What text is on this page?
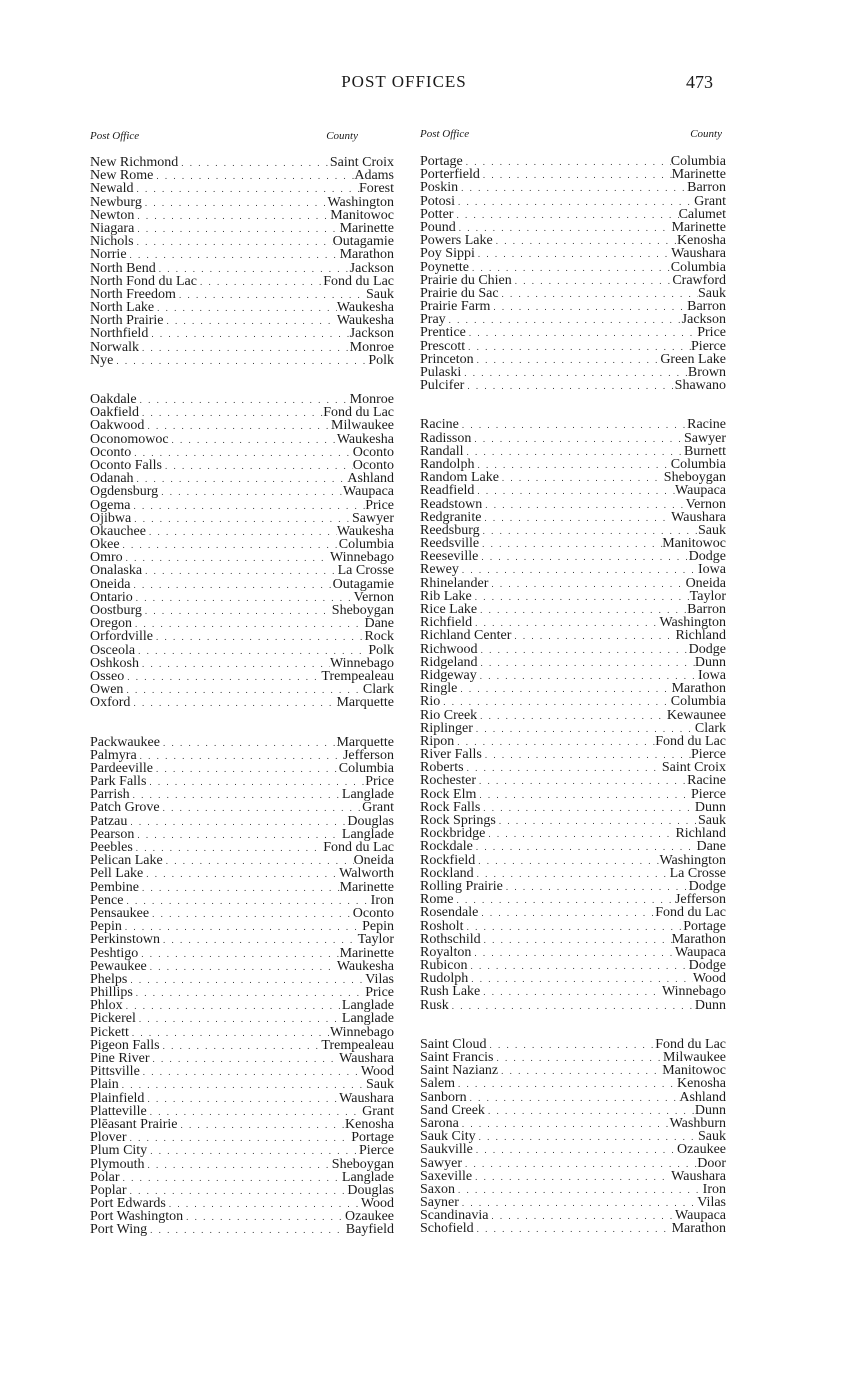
POST OFFICES	473
Post Office	County	Post Office	County
New Richmond . . .	Saint Croix
New Rome . . .	Adams
Newald . . .	Forest
Newburg . . .	Washington
Newton . . .	Manitowoc
Niagara . . .	Marinette
Nichols . . .	Outagamie
Norrie . . .	Marathon
North Bend . . .	Jackson
North Fond du Lac . . .	Fond du Lac
North Freedom . . .	Sauk
North Lake . . .	Waukesha
North Prairie . . .	Waukesha
Northfield . . .	Jackson
Norwalk . . .	Monroe
Nye . . .	Polk
Oakdale . . .	Monroe
Oakfield . . .	Fond du Lac
Oakwood . . .	Milwaukee
Oconomowoc . . .	Waukesha
Oconto . . .	Oconto
Oconto Falls . . .	Oconto
Odanah . . .	Ashland
Ogdensburg . . .	Waupaca
Ogema . . .	Price
Ojibwa . . .	Sawyer
Okauchee . . .	Waukesha
Okee . . .	Columbia
Omro . . .	Winnebago
Onalaska . . .	La Crosse
Oneida . . .	Outagamie
Ontario . . .	Vernon
Oostburg . . .	Sheboygan
Oregon . . .	Dane
Orfordville . . .	Rock
Osceola . . .	Polk
Oshkosh . . .	Winnebago
Osseo . . .	Trempealeau
Owen . . .	Clark
Oxford . . .	Marquette
Packwaukee . . .	Marquette
Palmyra . . .	Jefferson
Pardeeville . . .	Columbia
Park Falls . . .	Price
Parrish . . .	Langlade
Patch Grove . . .	Grant
Patzau . . .	Douglas
Pearson . . .	Langlade
Peebles . . .	Fond du Lac
Pelican Lake . . .	Oneida
Pell Lake . . .	Walworth
Pembine . . .	Marinette
Pence . . .	Iron
Pensaukee . . .	Oconto
Pepin . . .	Pepin
Perkinstown . . .	Taylor
Peshtigo . . .	Marinette
Pewaukee . . .	Waukesha
Phelps . . .	Vilas
Phillips . . .	Price
Phlox . . .	Langlade
Pickerel . . .	Langlade
Pickett . . .	Winnebago
Pigeon Falls . . .	Trempealeau
Pine River . . .	Waushara
Pittsville . . .	Wood
Plain . . .	Sauk
Plainfield . . .	Waushara
Platteville . . .	Grant
Plēasant Prairie . . .	Kenosha
Plover . . .	Portage
Plum City . . .	Pierce
Plymouth . . .	Sheboygan
Polar . . .	Langlade
Poplar . . .	Douglas
Port Edwards . . .	Wood
Port Washington . . .	Ozaukee
Port Wing . . .	Bayfield
Portage . . .	Columbia
Porterfield . . .	Marinette
Poskin . . .	Barron
Potosi . . .	Grant
Potter . . .	Calumet
Pound . . .	Marinette
Powers Lake . . .	Kenosha
Poy Sippi . . .	Waushara
Poynette . . .	Columbia
Prairie du Chien . . .	Crawford
Prairie du Sac . . .	Sauk
Prairie Farm . . .	Barron
Pray . . .	Jackson
Prentice . . .	Price
Prescott . . .	Pierce
Princeton . . .	Green Lake
Pulaski . . .	Brown
Pulcifer . . .	Shawano
Racine . . .	Racine
Radisson . . .	Sawyer
Randall . . .	Burnett
Randolph . . .	Columbia
Random Lake . . .	Sheboygan
Readfield . . .	Waupaca
Readstown . . .	Vernon
Redgranite . . .	Waushara
Reedsburg . . .	Sauk
Reedsville . . .	Manitowoc
Reeseville . . .	Dodge
Rewey . . .	Iowa
Rhinelander . . .	Oneida
Rib Lake . . .	Taylor
Rice Lake . . .	Barron
Richfield . . .	Washington
Richland Center . . .	Richland
Richwood . . .	Dodge
Ridgeland . . .	Dunn
Ridgeway . . .	Iowa
Ringle . . .	Marathon
Rio . . .	Columbia
Rio Creek . . .	Kewaunee
Riplinger . . .	Clark
Ripon . . .	Fond du Lac
River Falls . . .	Pierce
Roberts . . .	Saint Croix
Rochester . . .	Racine
Rock Elm . . .	Pierce
Rock Falls . . .	Dunn
Rock Springs . . .	Sauk
Rockbridge . . .	Richland
Rockdale . . .	Dane
Rockfield . . .	Washington
Rockland . . .	La Crosse
Rolling Prairie . . .	Dodge
Rome . . .	Jefferson
Rosendale . . .	Fond du Lac
Rosholt . . .	Portage
Rothschild . . .	Marathon
Royalton . . .	Waupaca
Rubicon . . .	Dodge
Rudolph . . .	Wood
Rush Lake . . .	Winnebago
Rusk . . .	Dunn
Saint Cloud . . .	Fond du Lac
Saint Francis . . .	Milwaukee
Saint Nazianz . . .	Manitowoc
Salem . . .	Kenosha
Sanborn . . .	Ashland
Sand Creek . . .	Dunn
Sarona . . .	Washburn
Sauk City . . .	Sauk
Saukville . . .	Ozaukee
Sawyer . . .	Door
Saxeville . . .	Waushara
Saxon . . .	Iron
Sayner . . .	Vilas
Scandinavia . . .	Waupaca
Schofield . . .	Marathon
